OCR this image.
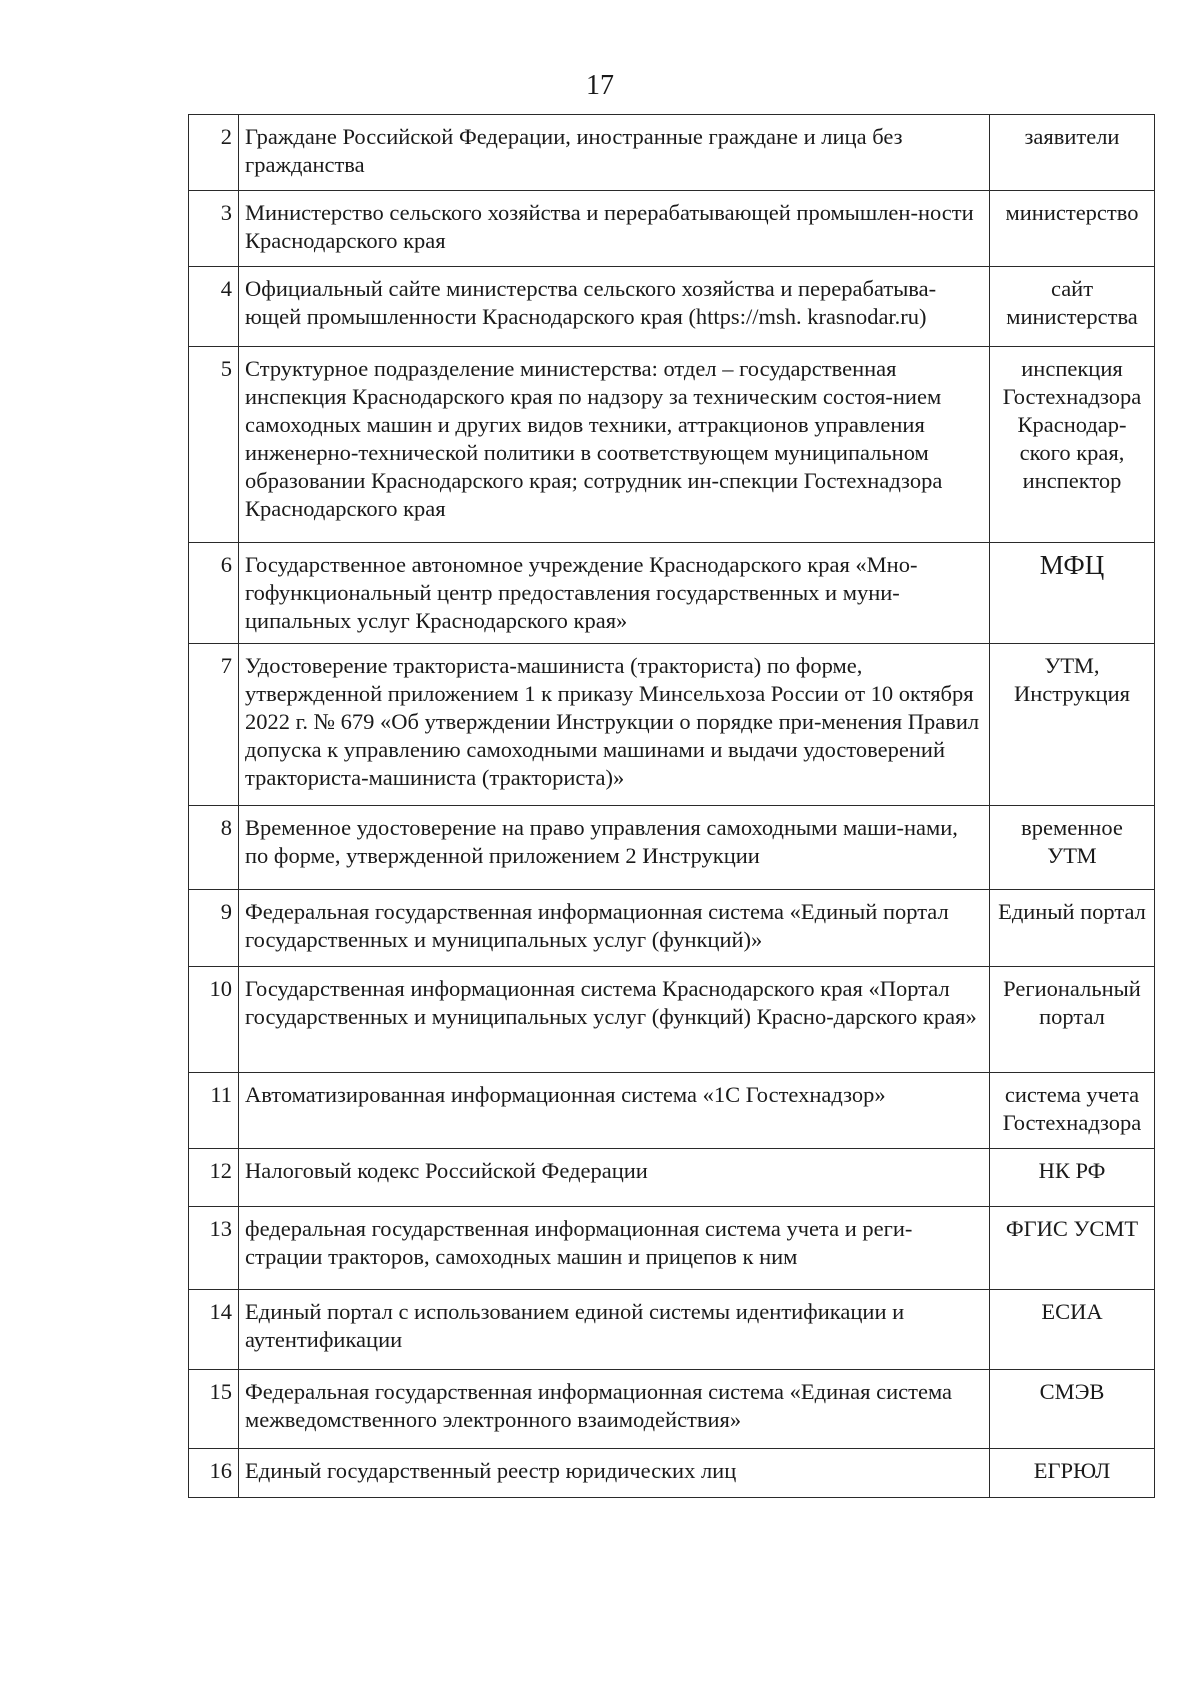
17
2	Граждане Российской Федерации, иностранные граждане и лица без гражданства	заявители
3	Министерство сельского хозяйства и перерабатывающей промышлен-ности Краснодарского края	министерство
4	Официальный сайте министерства сельского хозяйства и перерабатыва-ющей промышленности Краснодарского края (https://msh. krasnodar.ru)	сайт министерства
5	Структурное подразделение министерства: отдел – государственная инспекция Краснодарского края по надзору за техническим состоя-нием самоходных машин и других видов техники, аттракционов управления инженерно-технической политики в соответствующем муниципальном образовании Краснодарского края; сотрудник ин-спекции Гостехнадзора Краснодарского края	инспекция Гостехнадзора Краснодар-ского края, инспектор
6	Государственное автономное учреждение Краснодарского края «Мно-гофункциональный центр предоставления государственных и муни-ципальных услуг Краснодарского края»	МФЦ
7	Удостоверение тракториста-машиниста (тракториста) по форме, утвержденной приложением 1 к приказу Минсельхоза России от 10 октября 2022 г. № 679 «Об утверждении Инструкции о порядке при-менения Правил допуска к управлению самоходными машинами и выдачи удостоверений тракториста-машиниста (тракториста)»	УТМ, Инструкция
8	Временное удостоверение на право управления самоходными маши-нами, по форме, утвержденной приложением 2 Инструкции	временное УТМ
9	Федеральная государственная информационная система «Единый портал государственных и муниципальных услуг (функций)»	Единый портал
10	Государственная информационная система Краснодарского края «Портал государственных и муниципальных услуг (функций) Красно-дарского края»	Региональный портал
11	Автоматизированная информационная система «1С Гостехнадзор»	система учета Гостехнадзора
12	Налоговый кодекс Российской Федерации	НК РФ
13	федеральная государственная информационная система учета и реги-страции тракторов, самоходных машин и прицепов к ним	ФГИС УСМТ
14	Единый портал с использованием единой системы идентификации и аутентификации	ЕСИА
15	Федеральная государственная информационная система «Единая система межведомственного электронного взаимодействия»	СМЭВ
16	Единый государственный реестр юридических лиц	ЕГРЮЛ
